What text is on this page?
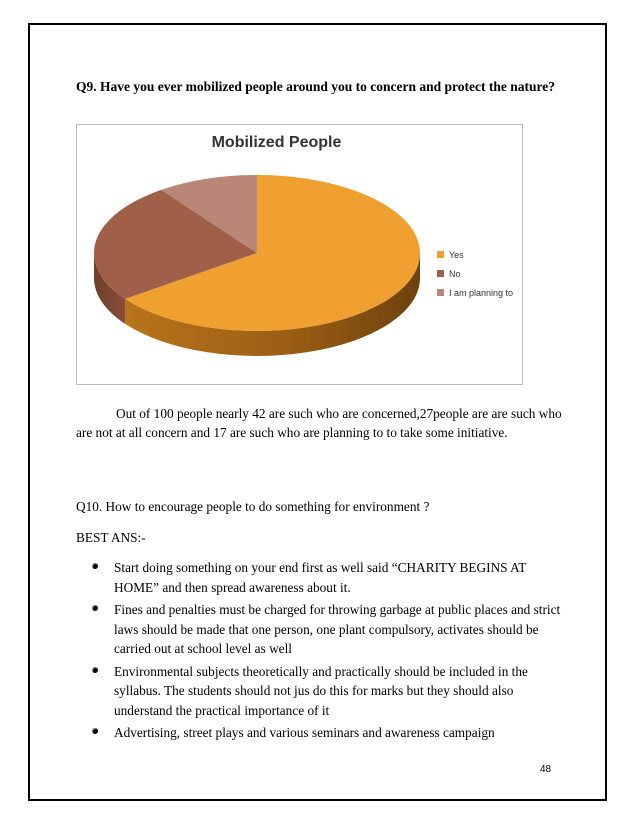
Q9. Have you ever mobilized people around you to concern and protect the nature?
Mobilized People
Yes
No
I am planning to
Out of 100 people nearly 42 are such who are concerned,27people are are such who are not at all concern and 17 are such who are planning to to take some initiative.
Q10. How to encourage people to do something for environment ?
BEST ANS:-
Start doing something on your end first as well said “CHARITY BEGINS AT HOME” and then spread awareness about it.
Fines and penalties must be charged for throwing garbage at public places and strict laws should be made that one person, one plant compulsory, activates should be carried out at school level as well
Environmental subjects theoretically and practically should be included in the syllabus. The students should not jus do this for marks but they should also understand the practical importance of it
Advertising, street plays and various seminars and awareness campaign
48
